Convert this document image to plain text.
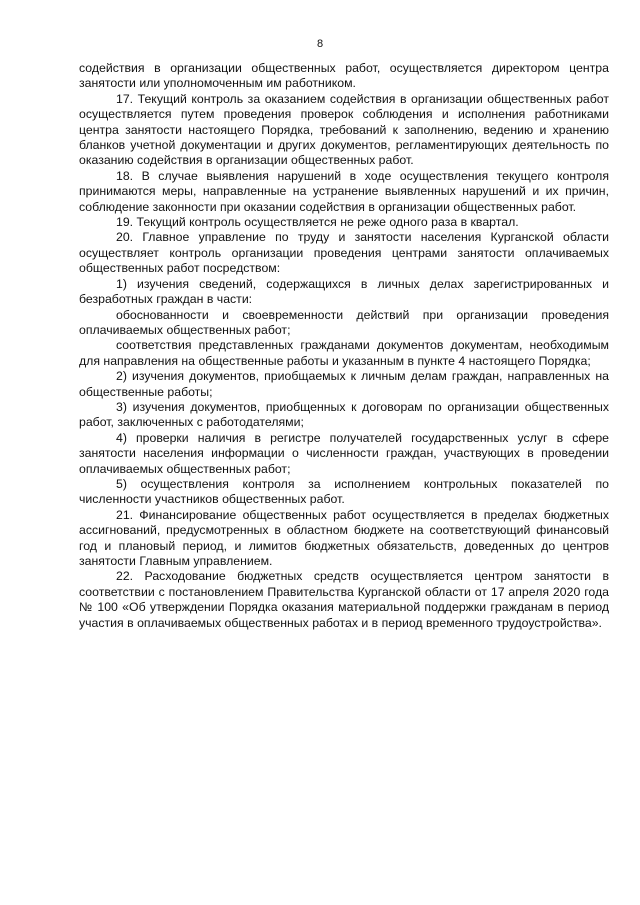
8

содействия в организации общественных работ, осуществляется директором центра занятости или уполномоченным им работником.

17. Текущий контроль за оказанием содействия в организации общественных работ осуществляется путем проведения проверок соблюдения и исполнения работниками центра занятости настоящего Порядка, требований к заполнению, ведению и хранению бланков учетной документации и других документов, регламентирующих деятельность по оказанию содействия в организации общественных работ.

18. В случае выявления нарушений в ходе осуществления текущего контроля принимаются меры, направленные на устранение выявленных нарушений и их причин, соблюдение законности при оказании содействия в организации общественных работ.

19. Текущий контроль осуществляется не реже одного раза в квартал.

20. Главное управление по труду и занятости населения Курганской области осуществляет контроль организации проведения центрами занятости оплачиваемых общественных работ посредством:

1) изучения сведений, содержащихся в личных делах зарегистрированных и безработных граждан в части:

обоснованности и своевременности действий при организации проведения оплачиваемых общественных работ;

соответствия представленных гражданами документов документам, необходимым для направления на общественные работы и указанным в пункте 4 настоящего Порядка;

2) изучения документов, приобщаемых к личным делам граждан, направленных на общественные работы;

3) изучения документов, приобщенных к договорам по организации общественных работ, заключенных с работодателями;

4) проверки наличия в регистре получателей государственных услуг в сфере занятости населения информации о численности граждан, участвующих в проведении оплачиваемых общественных работ;

5) осуществления контроля за исполнением контрольных показателей по численности участников общественных работ.

21. Финансирование общественных работ осуществляется в пределах бюджетных ассигнований, предусмотренных в областном бюджете на соответствующий финансовый год и плановый период, и лимитов бюджетных обязательств, доведенных до центров занятости Главным управлением.

22. Расходование бюджетных средств осуществляется центром занятости в соответствии с постановлением Правительства Курганской области от 17 апреля 2020 года № 100 «Об утверждении Порядка оказания материальной поддержки гражданам в период участия в оплачиваемых общественных работах и в период временного трудоустройства».
